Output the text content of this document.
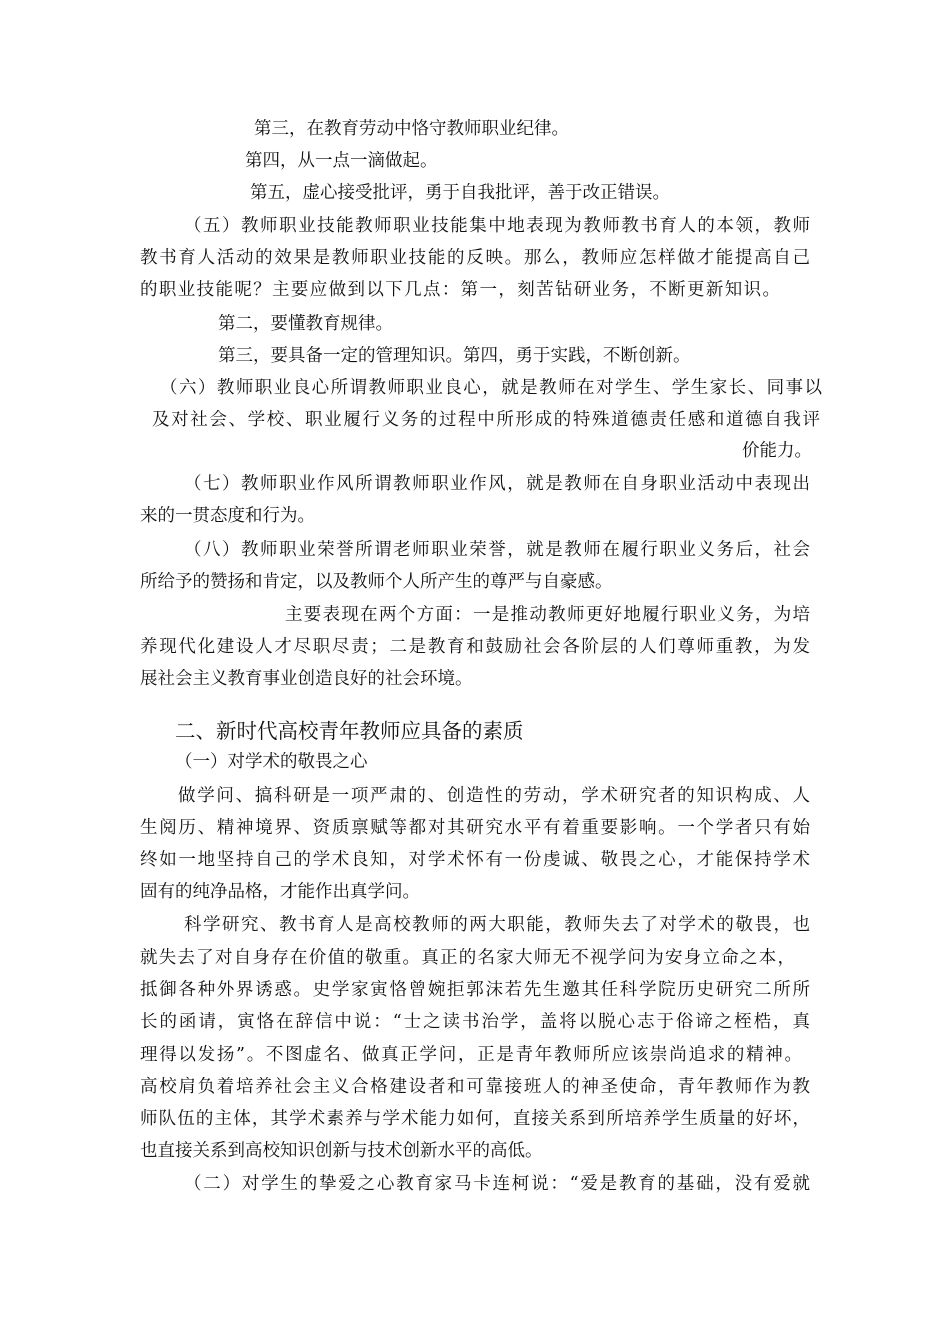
第三，在教育劳动中恪守教师职业纪律。

第四，从一点一滴做起。

第五，虚心接受批评，勇于自我批评，善于改正错误。

（五）教师职业技能教师职业技能集中地表现为教师教书育人的本领，教师

教书育人活动的效果是教师职业技能的反映。那么，教师应怎样做才能提高自己

的职业技能呢？主要应做到以下几点：第一，刻苦钻研业务，不断更新知识。

第二，要懂教育规律。

第三，要具备一定的管理知识。第四，勇于实践，不断创新。

（六）教师职业良心所谓教师职业良心，就是教师在对学生、学生家长、同事以

及对社会、学校、职业履行义务的过程中所形成的特殊道德责任感和道德自我评

价能力。

（七）教师职业作风所谓教师职业作风，就是教师在自身职业活动中表现出

来的一贯态度和行为。

（八）教师职业荣誉所谓老师职业荣誉，就是教师在履行职业义务后，社会

所给予的赞扬和肯定，以及教师个人所产生的尊严与自豪感。

主要表现在两个方面：一是推动教师更好地履行职业义务，为培

养现代化建设人才尽职尽责；二是教育和鼓励社会各阶层的人们尊师重教，为发

展社会主义教育事业创造良好的社会环境。

二、新时代高校青年教师应具备的素质

（一）对学术的敬畏之心

做学问、搞科研是一项严肃的、创造性的劳动，学术研究者的知识构成、人

生阅历、精神境界、资质禀赋等都对其研究水平有着重要影响。一个学者只有始

终如一地坚持自己的学术良知，对学术怀有一份虔诚、敬畏之心，才能保持学术

固有的纯净品格，才能作出真学问。

科学研究、教书育人是高校教师的两大职能，教师失去了对学术的敬畏，也

就失去了对自身存在价值的敬重。真正的名家大师无不视学问为安身立命之本，

抵御各种外界诱惑。史学家寅恪曾婉拒郭沫若先生邀其任科学院历史研究二所所

长的函请，寅恪在辞信中说：“士之读书治学，盖将以脱心志于俗谛之桎梏，真

理得以发扬”。不图虚名、做真正学问，正是青年教师所应该崇尚追求的精神。

高校肩负着培养社会主义合格建设者和可靠接班人的神圣使命，青年教师作为教

师队伍的主体，其学术素养与学术能力如何，直接关系到所培养学生质量的好坏，

也直接关系到高校知识创新与技术创新水平的高低。

（二）对学生的挚爱之心教育家马卡连柯说：“爱是教育的基础，没有爱就
